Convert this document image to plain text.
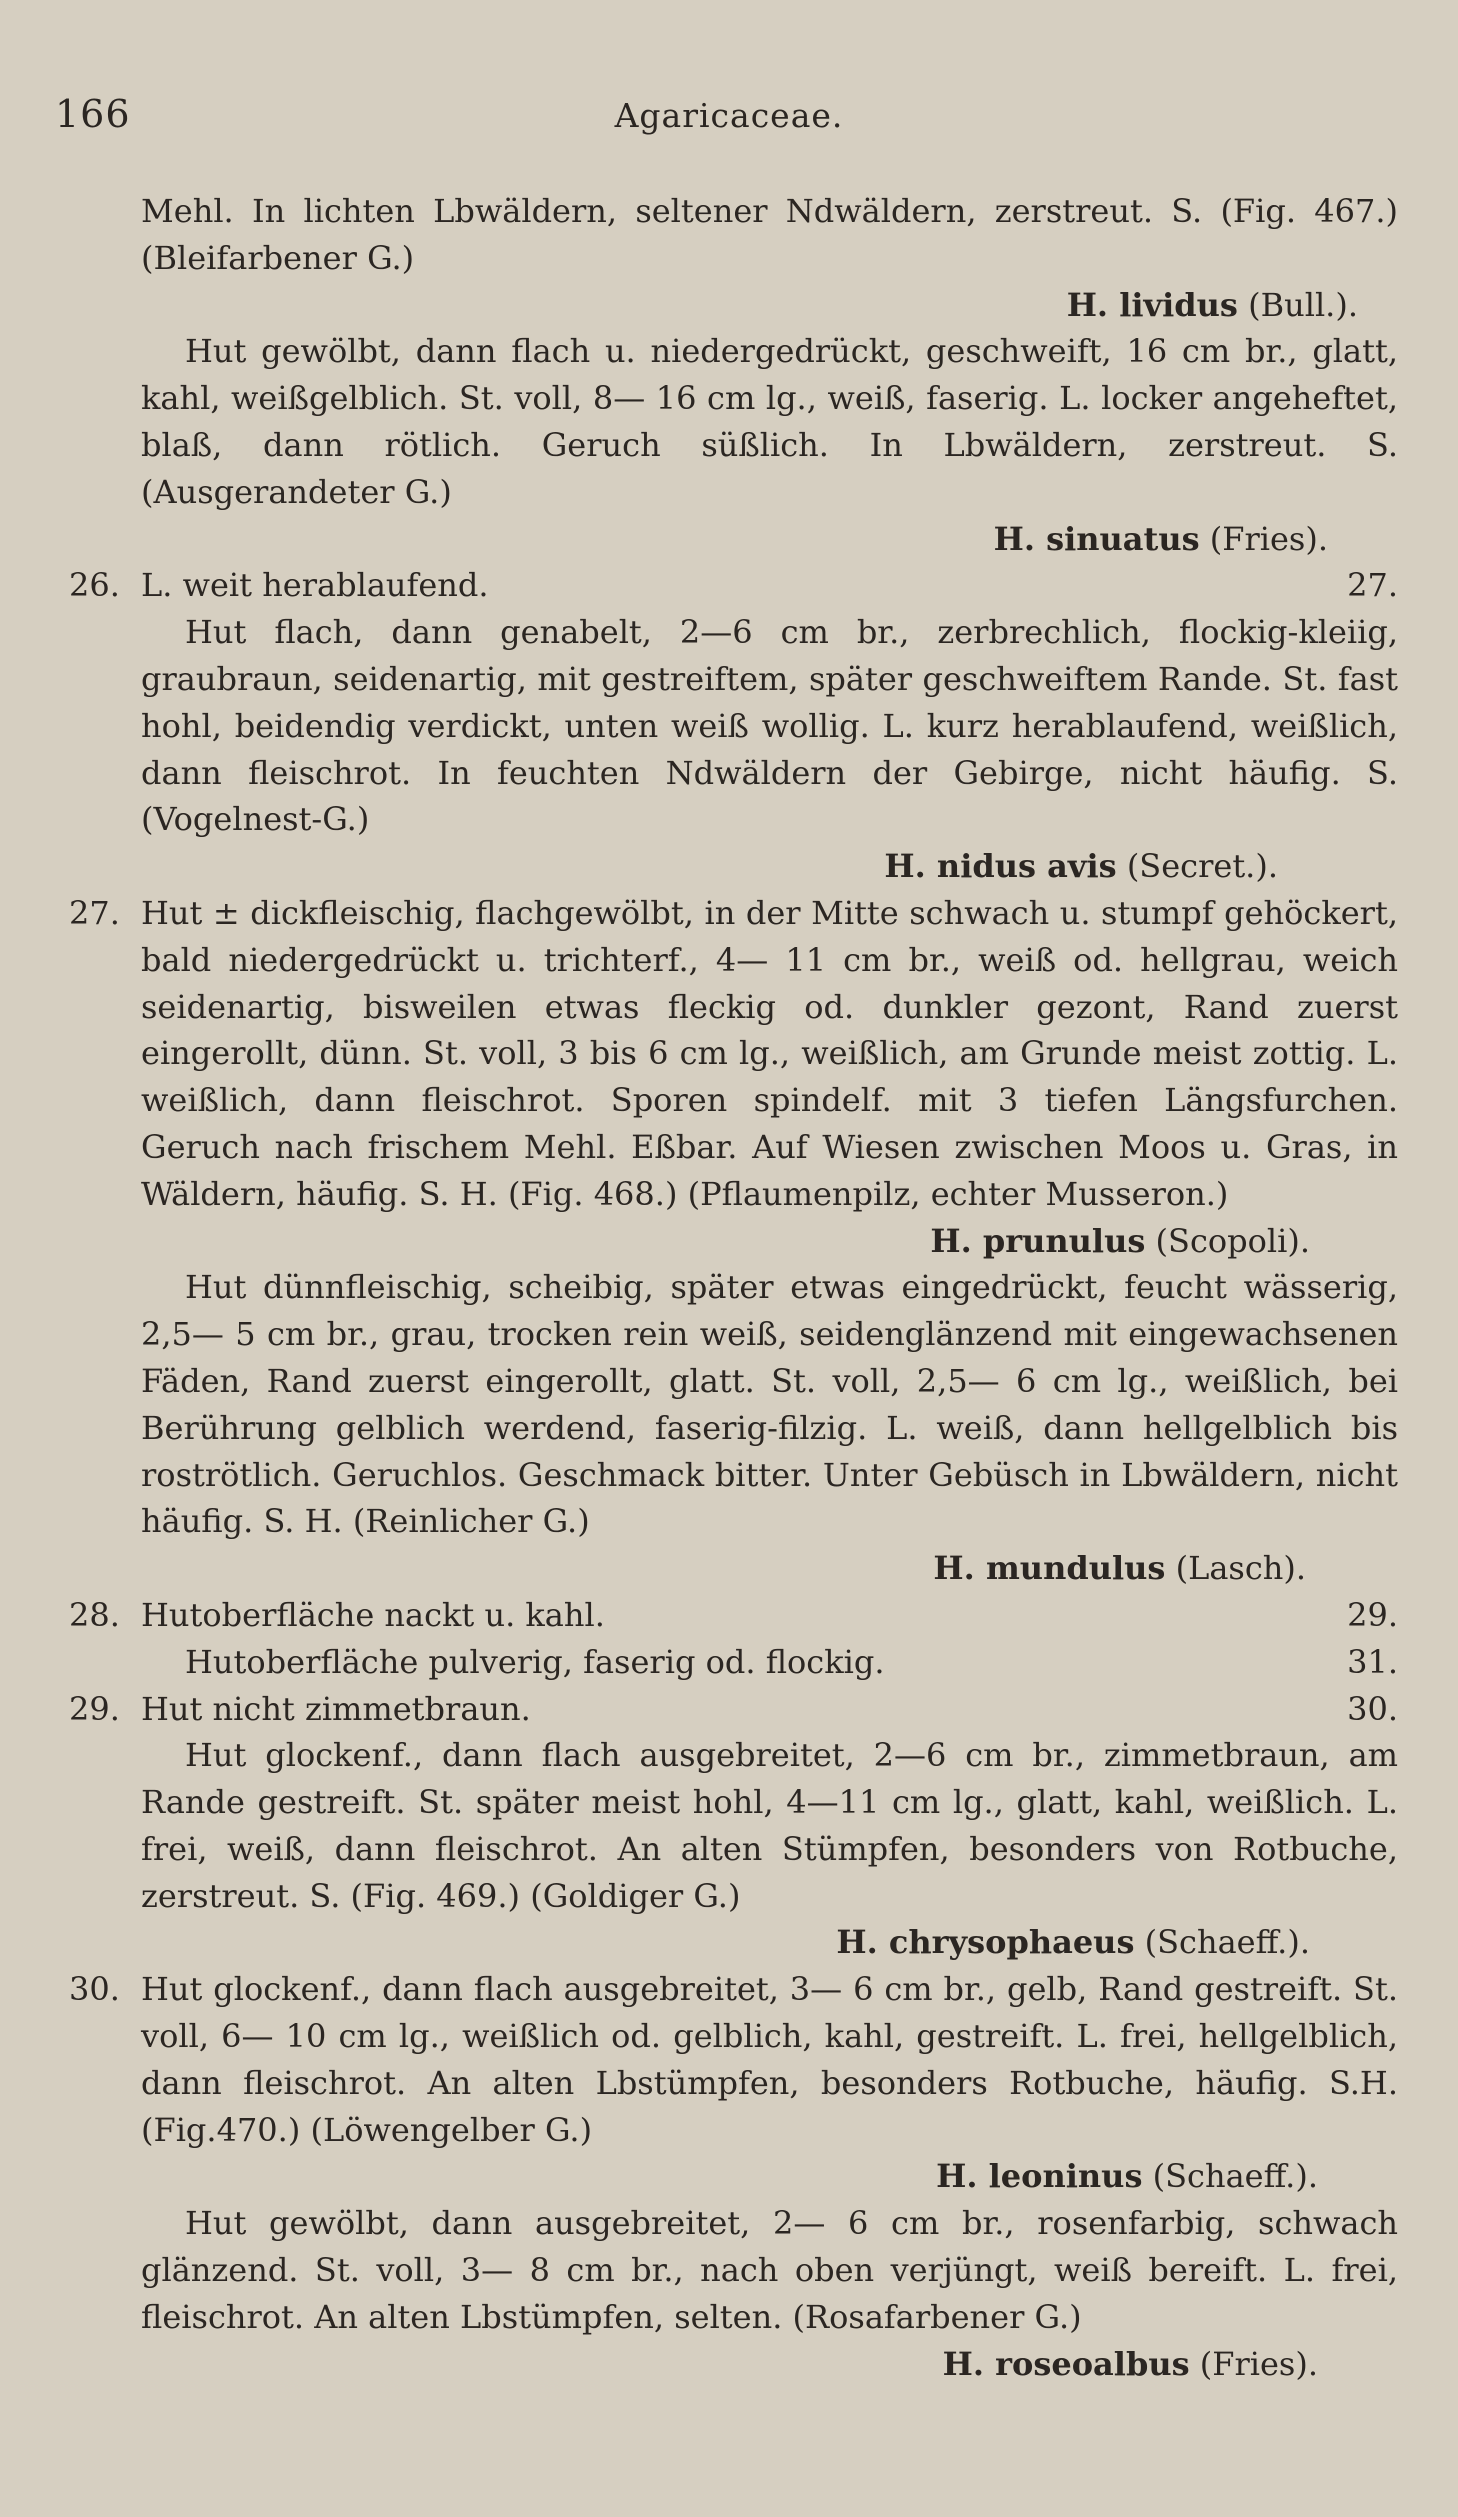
166	Agaricaceae.
Mehl. In lichten Lbwäldern, seltener Ndwäldern, zerstreut. S. (Fig. 467.) (Bleifarbener G.)
H. lividus (Bull.).
Hut gewölbt, dann flach u. niedergedrückt, geschweift, 16 cm br., glatt, kahl, weißgelblich. St. voll, 8— 16 cm lg., weiß, faserig. L. locker angeheftet, blaß, dann rötlich. Geruch süßlich. In Lbwäldern, zerstreut. S. (Ausgerandeter G.)
H. sinuatus (Fries).
26. L. weit herablaufend.	27.
Hut flach, dann genabelt, 2—6 cm br., zerbrechlich, flockig-kleiig, graubraun, seidenartig, mit gestreiftem, später geschweiftem Rande. St. fast hohl, beidendig verdickt, unten weiß wollig. L. kurz herablaufend, weißlich, dann fleischrot. In feuchten Ndwäldern der Gebirge, nicht häufig. S. (Vogelnest-G.)
H. nidus avis (Secret.).
27. Hut ± dickfleischig, flachgewölbt, in der Mitte schwach u. stumpf gehöckert, bald niedergedrückt u. trichterf., 4— 11 cm br., weiß od. hellgrau, weich seidenartig, bisweilen etwas fleckig od. dunkler gezont, Rand zuerst eingerollt, dünn. St. voll, 3 bis 6 cm lg., weißlich, am Grunde meist zottig. L. weißlich, dann fleischrot. Sporen spindelf. mit 3 tiefen Längsfurchen. Geruch nach frischem Mehl. Eßbar. Auf Wiesen zwischen Moos u. Gras, in Wäldern, häufig. S. H. (Fig. 468.) (Pflaumenpilz, echter Musseron.)
H. prunulus (Scopoli).
Hut dünnfleischig, scheibig, später etwas eingedrückt, feucht wässerig, 2,5— 5 cm br., grau, trocken rein weiß, seidenglänzend mit eingewachsenen Fäden, Rand zuerst eingerollt, glatt. St. voll, 2,5— 6 cm lg., weißlich, bei Berührung gelblich werdend, faserig-filzig. L. weiß, dann hellgelblich bis roströtlich. Geruchlos. Geschmack bitter. Unter Gebüsch in Lbwäldern, nicht häufig. S. H. (Reinlicher G.)
H. mundulus (Lasch).
28. Hutoberfläche nackt u. kahl.	29.
Hutoberfläche pulverig, faserig od. flockig.	31.
29. Hut nicht zimmetbraun.	30.
Hut glockenf., dann flach ausgebreitet, 2—6 cm br., zimmetbraun, am Rande gestreift. St. später meist hohl, 4—11 cm lg., glatt, kahl, weißlich. L. frei, weiß, dann fleischrot. An alten Stümpfen, besonders von Rotbuche, zerstreut. S. (Fig. 469.) (Goldiger G.)
H. chrysophaeus (Schaeff.).
30. Hut glockenf., dann flach ausgebreitet, 3— 6 cm br., gelb, Rand gestreift. St. voll, 6— 10 cm lg., weißlich od. gelblich, kahl, gestreift. L. frei, hellgelblich, dann fleischrot. An alten Lbstümpfen, besonders Rotbuche, häufig. S.H. (Fig.470.) (Löwengelber G.)
H. leoninus (Schaeff.).
Hut gewölbt, dann ausgebreitet, 2— 6 cm br., rosenfarbig, schwach glänzend. St. voll, 3— 8 cm br., nach oben verjüngt, weiß bereift. L. frei, fleischrot. An alten Lbstümpfen, selten. (Rosafarbener G.)
H. roseoalbus (Fries).
